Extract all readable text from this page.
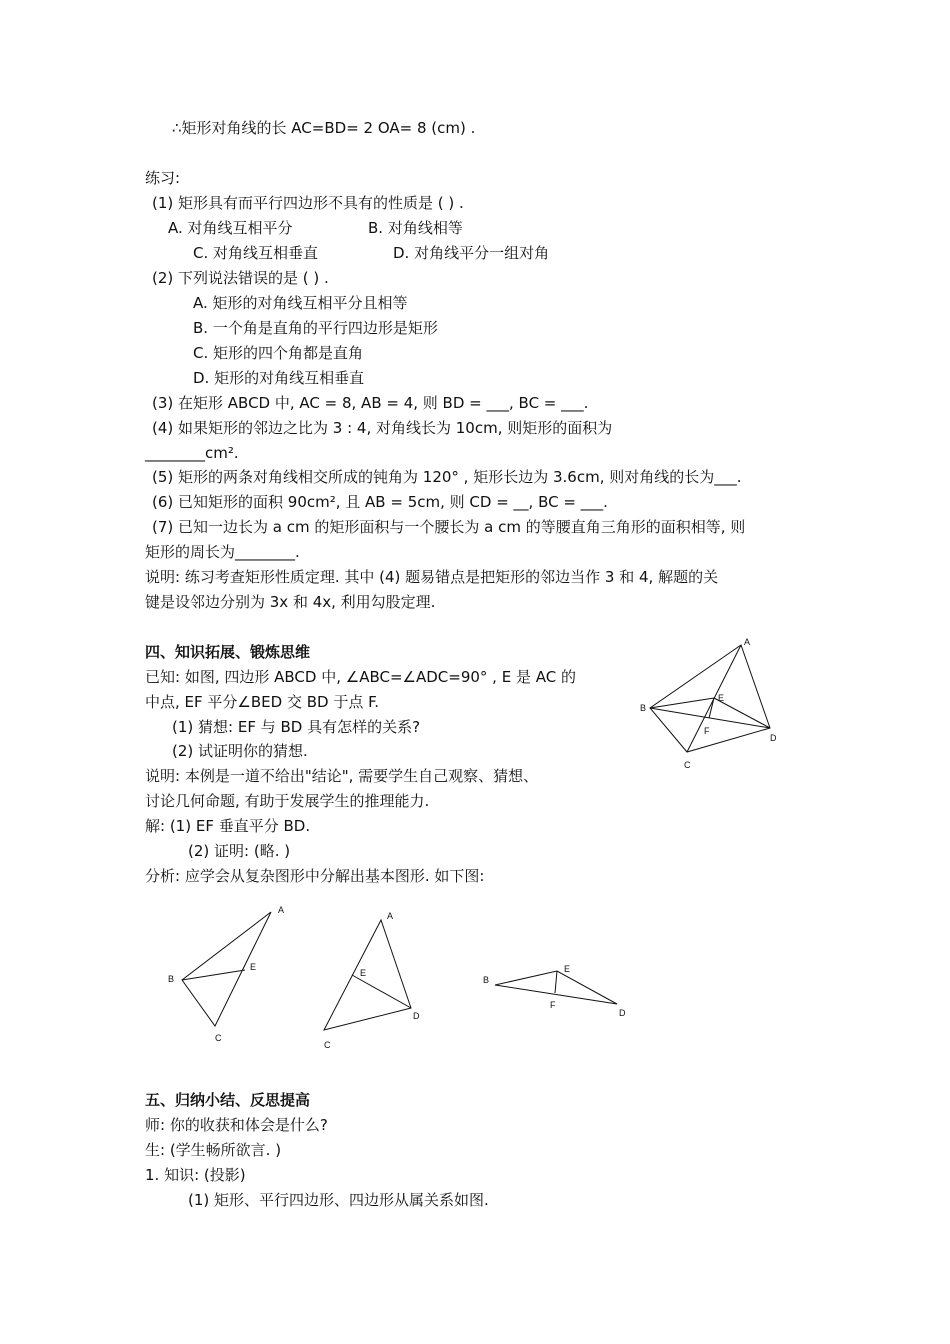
∴矩形对角线的长 AC=BD= 2 OA= 8 (cm) .
练习:
(1) 矩形具有而平行四边形不具有的性质是 ( ) .
A. 对角线互相平分	B. 对角线相等
C. 对角线互相垂直	D. 对角线平分一组对角
(2) 下列说法错误的是 ( ) .
A. 矩形的对角线互相平分且相等
B. 一个角是直角的平行四边形是矩形
C. 矩形的四个角都是直角
D. 矩形的对角线互相垂直
(3) 在矩形 ABCD 中, AC = 8, AB = 4, 则 BD = ___, BC = ___.
(4) 如果矩形的邻边之比为 3 : 4, 对角线长为 10cm, 则矩形的面积为
________cm².
(5) 矩形的两条对角线相交所成的钝角为 120° , 矩形长边为 3.6cm, 则对角线的长为___.
(6) 已知矩形的面积 90cm², 且 AB = 5cm, 则 CD = __, BC = ___.
(7) 已知一边长为 a cm 的矩形面积与一个腰长为 a cm 的等腰直角三角形的面积相等, 则
矩形的周长为________.
说明: 练习考查矩形性质定理. 其中 (4) 题易错点是把矩形的邻边当作 3 和 4, 解题的关
键是设邻边分别为 3x 和 4x, 利用勾股定理.
四、知识拓展、锻炼思维
已知: 如图, 四边形 ABCD 中, ∠ABC=∠ADC=90° , E 是 AC 的
中点, EF 平分∠BED 交 BD 于点 F.
(1) 猜想: EF 与 BD 具有怎样的关系?
(2) 试证明你的猜想.
说明: 本例是一道不给出"结论", 需要学生自己观察、猜想、
讨论几何命题, 有助于发展学生的推理能力.
解: (1) EF 垂直平分 BD.
(2) 证明: (略. )
分析: 应学会从复杂图形中分解出基本图形. 如下图:
A
B
C
D
E
F
A
B
C
E
A
C
D
E
B
D
E
F
五、归纳小结、反思提高
师: 你的收获和体会是什么?
生: (学生畅所欲言. )
1. 知识: (投影)
(1) 矩形、平行四边形、四边形从属关系如图.
